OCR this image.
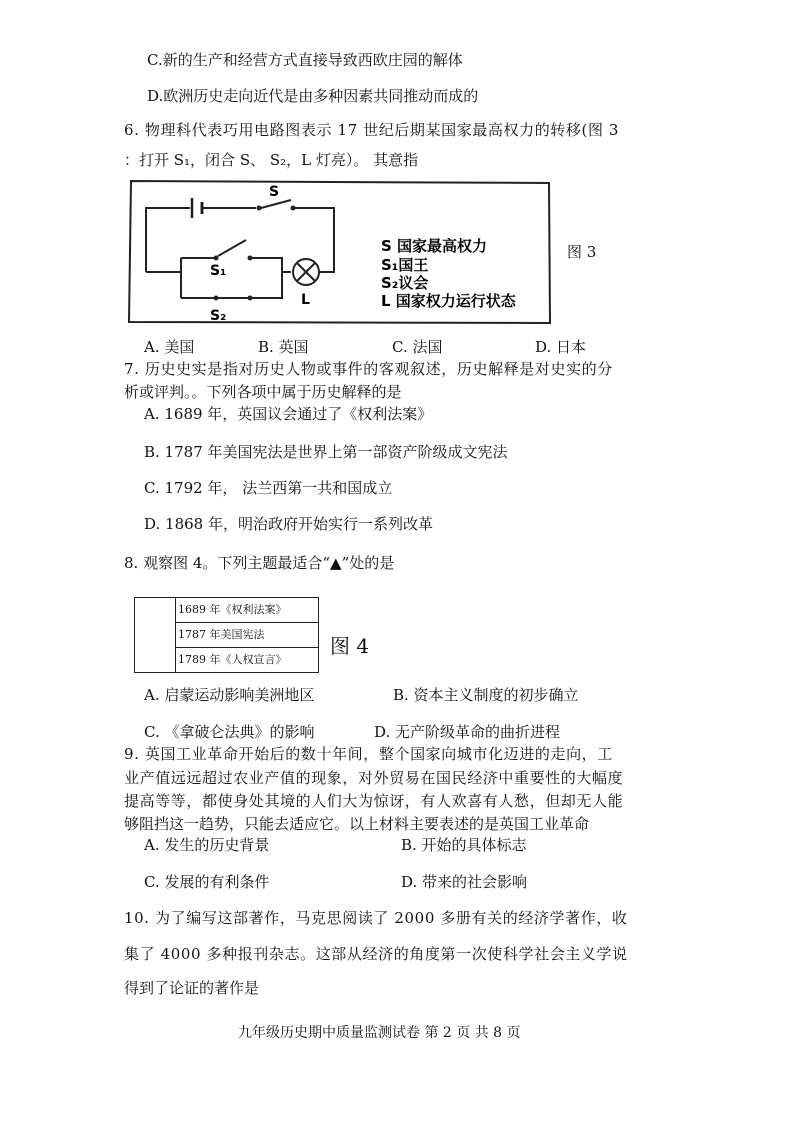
C.新的生产和经营方式直接导致西欧庄园的解体
D.欧洲历史走向近代是由多种因素共同推动而成的
6. 物理科代表巧用电路图表示 17 世纪后期某国家最高权力的转移(图 3
：打开 S₁，闭合 S、 S₂，L 灯亮）。 其意指
S
S₁
S₂
L
S 国家最高权力
S₁国王
S₂议会
L 国家权力运行状态
图 3
A. 美国	B. 英国	C. 法国	D. 日本
7. 历史史实是指对历史人物或事件的客观叙述，历史解释是对史实的分
析或评判。。下列各项中属于历史解释的是
A. 1689 年，英国议会通过了《权利法案》
B. 1787 年美国宪法是世界上第一部资产阶级成文宪法
C. 1792 年， 法兰西第一共和国成立
D. 1868 年，明治政府开始实行一系列改革
8. 观察图 4。下列主题最适合“▲”处的是
	1689 年《权利法案》
1787 年美国宪法
1789 年《人权宣言》
图 4
A. 启蒙运动影响美洲地区	B. 资本主义制度的初步确立
C. 《拿破仑法典》的影响	D. 无产阶级革命的曲折进程
9. 英国工业革命开始后的数十年间，整个国家向城市化迈进的走向，工
业产值远远超过农业产值的现象，对外贸易在国民经济中重要性的大幅度
提高等等，都使身处其境的人们大为惊讶，有人欢喜有人愁，但却无人能
够阻挡这一趋势，只能去适应它。以上材料主要表述的是英国工业革命
A. 发生的历史背景	B. 开始的具体标志
C. 发展的有利条件	D. 带来的社会影响
10. 为了编写这部著作，马克思阅读了 2000 多册有关的经济学著作，收
集了 4000 多种报刊杂志。这部从经济的角度第一次使科学社会主义学说
得到了论证的著作是
九年级历史期中质量监测试卷 第 2 页 共 8 页
